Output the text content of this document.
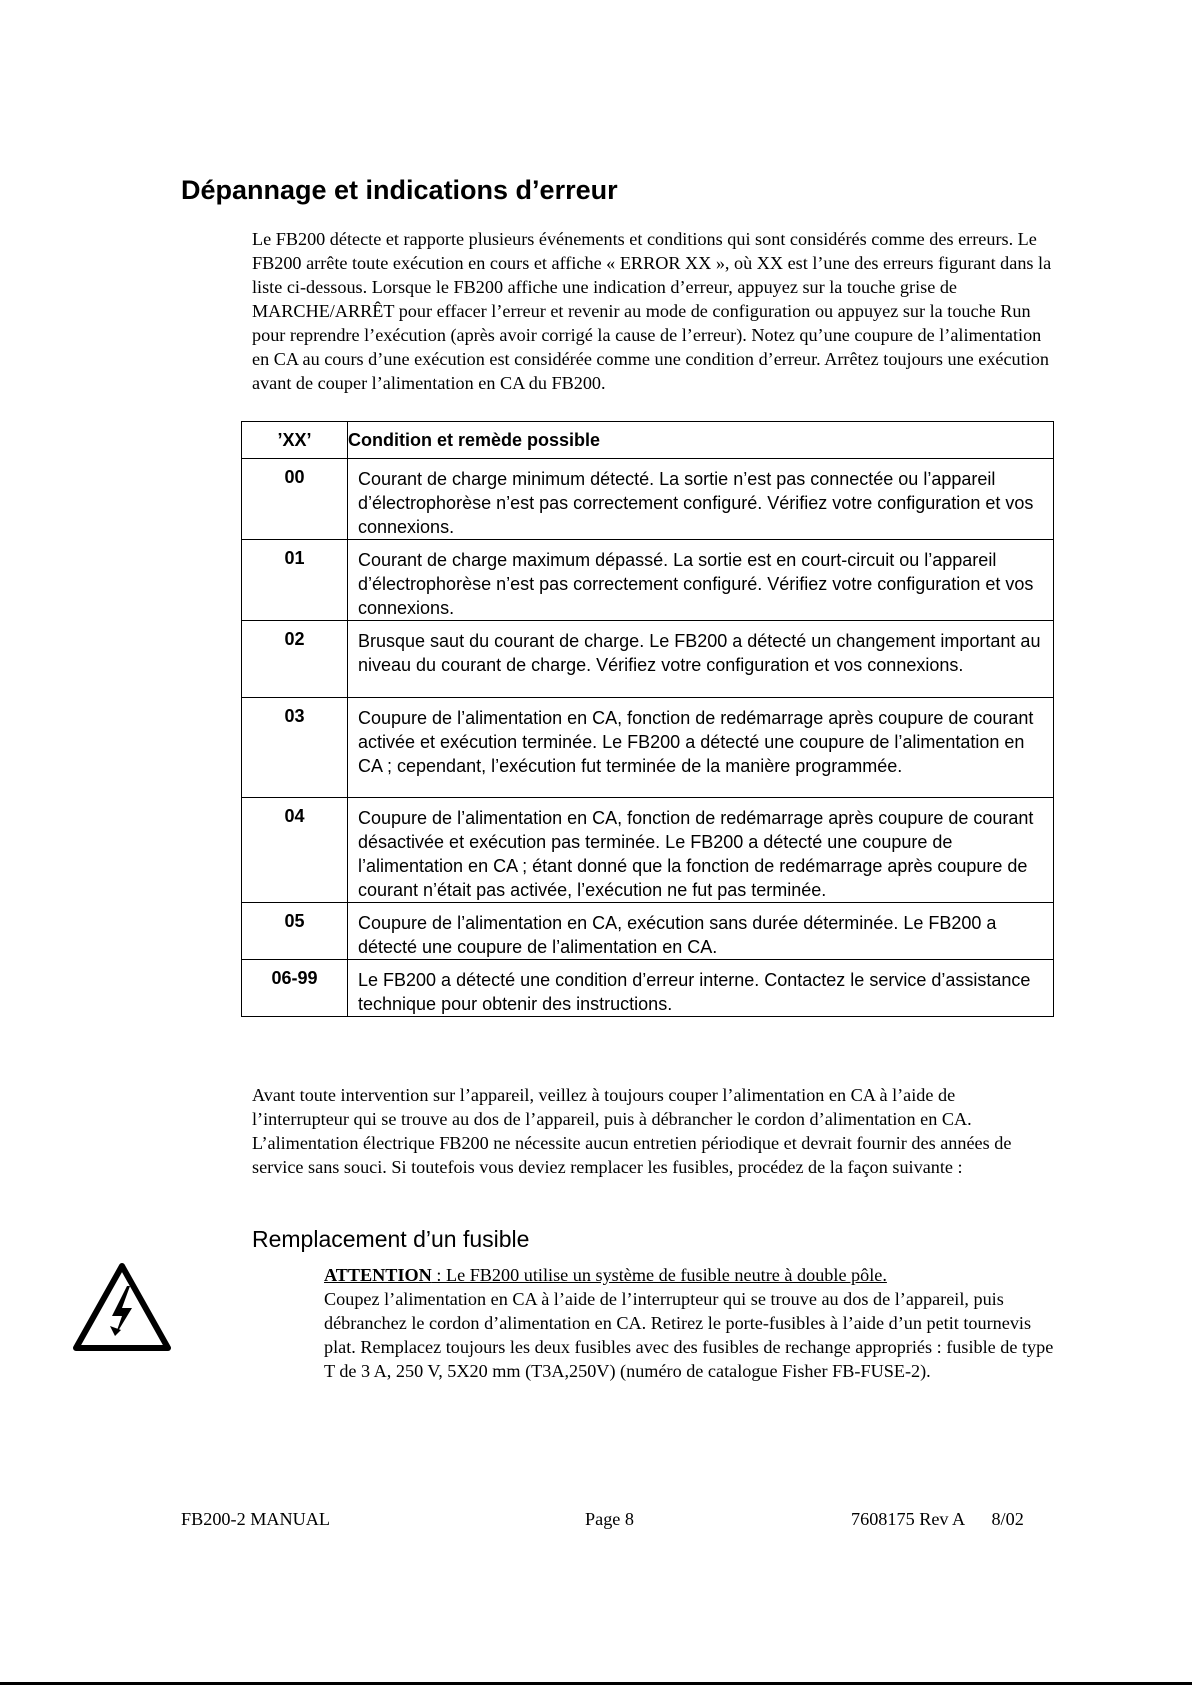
Dépannage et indications d’erreur

Le FB200 détecte et rapporte plusieurs événements et conditions qui sont considérés comme des erreurs. Le FB200 arrête toute exécution en cours et affiche « ERROR XX », où XX est l’une des erreurs figurant dans la liste ci-dessous. Lorsque le FB200 affiche une indication d’erreur, appuyez sur la touche grise de MARCHE/ARRÊT pour effacer l’erreur et revenir au mode de configuration ou appuyez sur la touche Run pour reprendre l’exécution (après avoir corrigé la cause de l’erreur). Notez qu’une coupure de l’alimentation en CA au cours d’une exécution est considérée comme une condition d’erreur. Arrêtez toujours une exécution avant de couper l’alimentation en CA du FB200.

’XX’	Condition et remède possible
00	Courant de charge minimum détecté. La sortie n’est pas connectée ou l’appareil d’électrophorèse n’est pas correctement configuré. Vérifiez votre configuration et vos connexions.
01	Courant de charge maximum dépassé. La sortie est en court-circuit ou l’appareil d’électrophorèse n’est pas correctement configuré. Vérifiez votre configuration et vos connexions.
02	Brusque saut du courant de charge. Le FB200 a détecté un changement important au niveau du courant de charge. Vérifiez votre configuration et vos connexions.
03	Coupure de l’alimentation en CA, fonction de redémarrage après coupure de courant activée et exécution terminée. Le FB200 a détecté une coupure de l’alimentation en CA ; cependant, l’exécution fut terminée de la manière programmée.
04	Coupure de l’alimentation en CA, fonction de redémarrage après coupure de courant désactivée et exécution pas terminée. Le FB200 a détecté une coupure de l’alimentation en CA ; étant donné que la fonction de redémarrage après coupure de courant n’était pas activée, l’exécution ne fut pas terminée.
05	Coupure de l’alimentation en CA, exécution sans durée déterminée. Le FB200 a détecté une coupure de l’alimentation en CA.
06-99	Le FB200 a détecté une condition d’erreur interne. Contactez le service d’assistance technique pour obtenir des instructions.

Avant toute intervention sur l’appareil, veillez à toujours couper l’alimentation en CA à l’aide de l’interrupteur qui se trouve au dos de l’appareil, puis à débrancher le cordon d’alimentation en CA. L’alimentation électrique FB200 ne nécessite aucun entretien périodique et devrait fournir des années de service sans souci. Si toutefois vous deviez remplacer les fusibles, procédez de la façon suivante :

Remplacement d’un fusible

ATTENTION : Le FB200 utilise un système de fusible neutre à double pôle.
Coupez l’alimentation en CA à l’aide de l’interrupteur qui se trouve au dos de l’appareil, puis débranchez le cordon d’alimentation en CA. Retirez le porte-fusibles à l’aide d’un petit tournevis plat. Remplacez toujours les deux fusibles avec des fusibles de rechange appropriés : fusible de type T de 3 A, 250 V, 5X20 mm (T3A,250V) (numéro de catalogue Fisher FB-FUSE-2).

FB200-2 MANUAL	Page 8	7608175 Rev A      8/02
